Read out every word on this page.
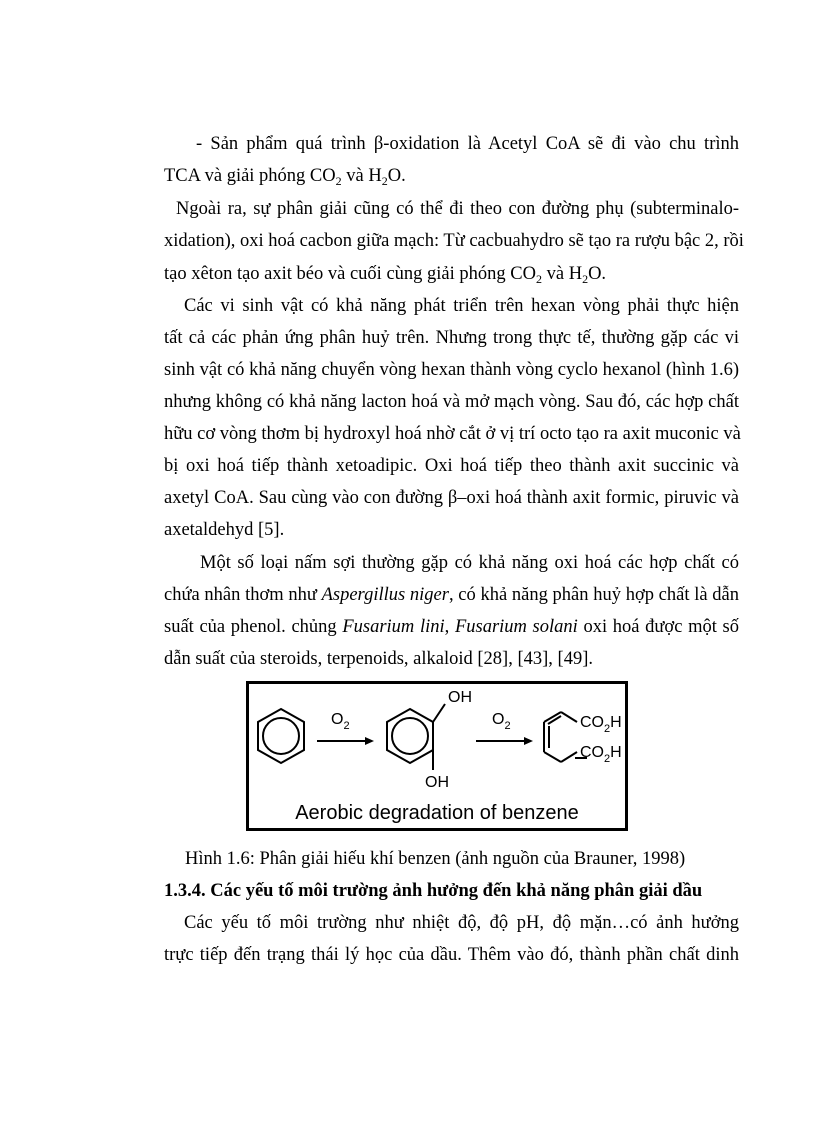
- Sản phẩm quá trình β-oxidation là Acetyl CoA sẽ đi vào chu trình
TCA và giải phóng $CO_2$ và $H_2O$.
Ngoài ra, sự phân giải cũng có thể đi theo con đường phụ (subterminalo-
xidation), oxi hoá cacbon giữa mạch: Từ cacbuahydro sẽ tạo ra rượu bậc 2, rồi
tạo xêton tạo axit béo và cuối cùng giải phóng $CO_2$ và $H_2O$.
Các vi sinh vật có khả năng phát triển trên hexan vòng phải thực hiện
tất cả các phản ứng phân huỷ trên. Nhưng trong thực tế, thường gặp các vi
sinh vật có khả năng chuyển vòng hexan thành vòng cyclo hexanol (hình 1.6)
nhưng không có khả năng lacton hoá và mở mạch vòng. Sau đó, các hợp chất
hữu cơ vòng thơm bị hydroxyl hoá nhờ cắt ở vị trí octo tạo ra axit muconic và
bị oxi hoá tiếp thành xetoadipic. Oxi hoá tiếp theo thành axit succinic và
axetyl CoA. Sau cùng vào con đường β–oxi hoá thành axit formic, piruvic và
axetaldehyd [5].
Một số loại nấm sợi thường gặp có khả năng oxi hoá các hợp chất có
chứa nhân thơm như Aspergillus niger, có khả năng phân huỷ hợp chất là dẫn
suất của phenol. chủng Fusarium lini, Fusarium solani oxi hoá được một số
dẫn suất của steroids, terpenoids, alkaloid [28], [43], [49].
$O_2$
OH
OH
$O_2$	$CO_2H$
$CO_2H$
Aerobic degradation of benzene
Hình 1.6: Phân giải hiếu khí benzen (ảnh nguồn của Brauner, 1998)
1.3.4. Các yếu tố môi trường ảnh hưởng đến khả năng phân giải dầu
Các yếu tố môi trường như nhiệt độ, độ pH, độ mặn…có ảnh hưởng
trực tiếp đến trạng thái lý học của dầu. Thêm vào đó, thành phần chất dinh
